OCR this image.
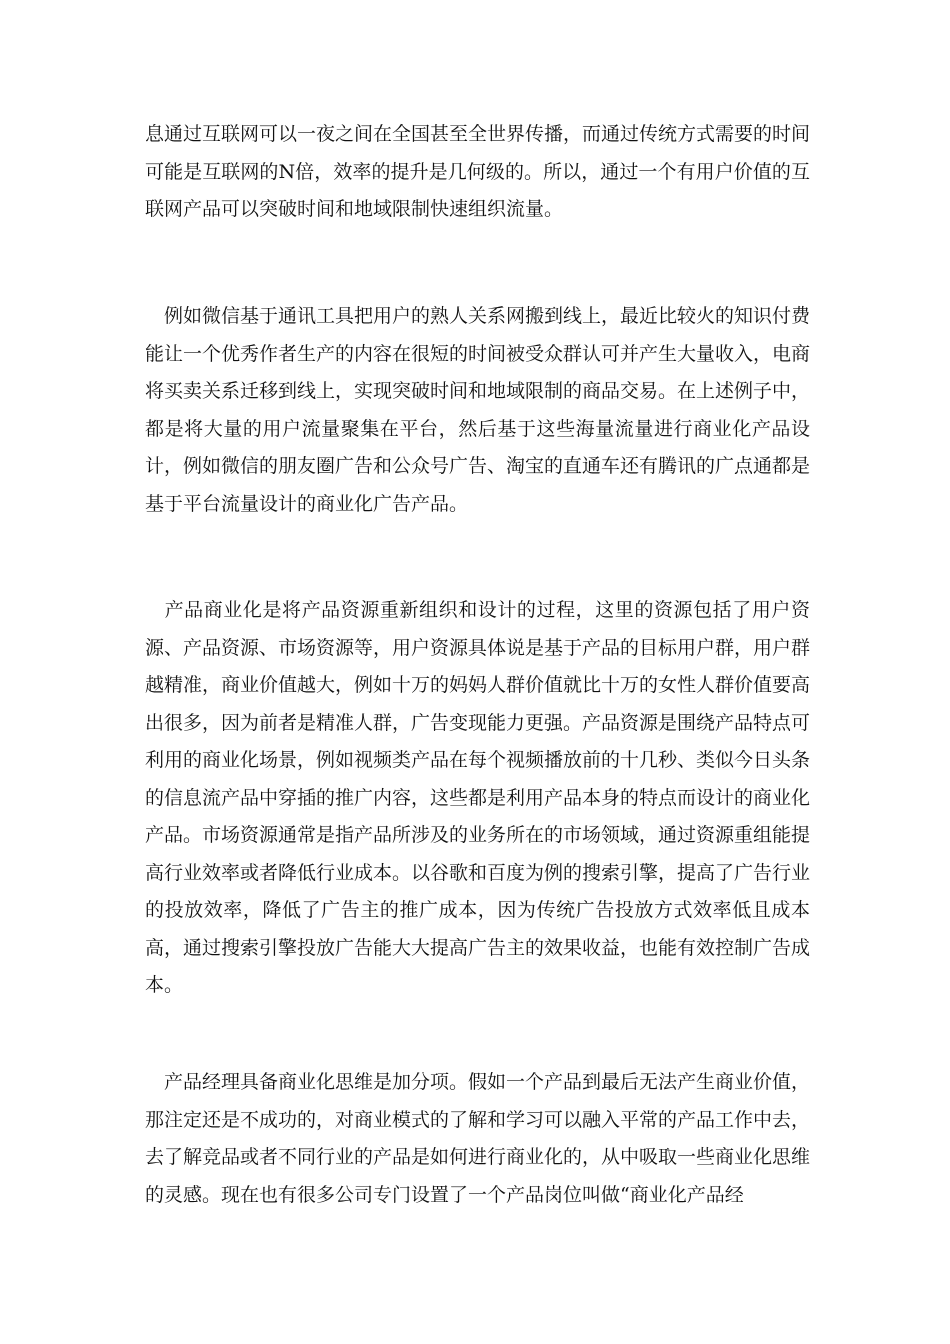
息通过互联网可以一夜之间在全国甚至全世界传播，而通过传统方式需要的时间可能是互联网的N倍，效率的提升是几何级的。所以，通过一个有用户价值的互联网产品可以突破时间和地域限制快速组织流量。

例如微信基于通讯工具把用户的熟人关系网搬到线上，最近比较火的知识付费能让一个优秀作者生产的内容在很短的时间被受众群认可并产生大量收入，电商将买卖关系迁移到线上，实现突破时间和地域限制的商品交易。在上述例子中，都是将大量的用户流量聚集在平台，然后基于这些海量流量进行商业化产品设计，例如微信的朋友圈广告和公众号广告、淘宝的直通车还有腾讯的广点通都是基于平台流量设计的商业化广告产品。

产品商业化是将产品资源重新组织和设计的过程，这里的资源包括了用户资源、产品资源、市场资源等，用户资源具体说是基于产品的目标用户群，用户群越精准，商业价值越大，例如十万的妈妈人群价值就比十万的女性人群价值要高出很多，因为前者是精准人群，广告变现能力更强。产品资源是围绕产品特点可利用的商业化场景，例如视频类产品在每个视频播放前的十几秒、类似今日头条的信息流产品中穿插的推广内容，这些都是利用产品本身的特点而设计的商业化产品。市场资源通常是指产品所涉及的业务所在的市场领域，通过资源重组能提高行业效率或者降低行业成本。以谷歌和百度为例的搜索引擎，提高了广告行业的投放效率，降低了广告主的推广成本，因为传统广告投放方式效率低且成本高，通过搜索引擎投放广告能大大提高广告主的效果收益，也能有效控制广告成本。

产品经理具备商业化思维是加分项。假如一个产品到最后无法产生商业价值，那注定还是不成功的，对商业模式的了解和学习可以融入平常的产品工作中去，去了解竞品或者不同行业的产品是如何进行商业化的，从中吸取一些商业化思维的灵感。现在也有很多公司专门设置了一个产品岗位叫做“商业化产品经
